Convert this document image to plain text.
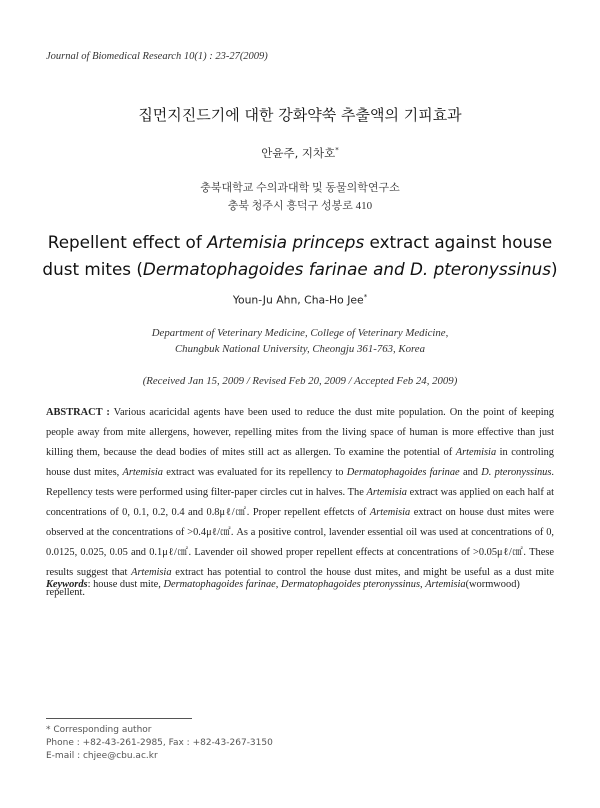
Journal of Biomedical Research 10(1) : 23-27(2009)
집먼지진드기에 대한 강화약쑥 추출액의 기피효과
안윤주, 지차호*
충북대학교 수의과대학 및 동물의학연구소
충북 청주시 흥덕구 성봉로 410
Repellent effect of Artemisia princeps extract against house dust mites (Dermatophagoides farinae and D. pteronyssinus)
Youn-Ju Ahn, Cha-Ho Jee*
Department of Veterinary Medicine, College of Veterinary Medicine,
Chungbuk National University, Cheongju 361-763, Korea
(Received Jan 15, 2009 / Revised Feb 20, 2009 / Accepted Feb 24, 2009)
ABSTRACT : Various acaricidal agents have been used to reduce the dust mite population. On the point of keeping people away from mite allergens, however, repelling mites from the living space of human is more effective than just killing them, because the dead bodies of mites still act as allergen. To examine the potential of Artemisia in controling house dust mites, Artemisia extract was evaluated for its repellency to Dermatophagoides farinae and D. pteronyssinus. Repellency tests were performed using filter-paper circles cut in halves. The Artemisia extract was applied on each half at concentrations of 0, 0.1, 0.2, 0.4 and 0.8μℓ/㎠. Proper repellent effetcts of Artemisia extract on house dust mites were observed at the concentrations of >0.4μℓ/㎠. As a positive control, lavender essential oil was used at concentrations of 0, 0.0125, 0.025, 0.05 and 0.1μℓ/㎠. Lavender oil showed proper repellent effects at concentrations of >0.05μℓ/㎠. These results suggest that Artemisia extract has potential to control the house dust mites, and might be useful as a dust mite repellent.
Keywords: house dust mite, Dermatophagoides farinae, Dermatophagoides pteronyssinus, Artemisia(wormwood)
* Corresponding author
Phone : +82-43-261-2985, Fax : +82-43-267-3150
E-mail : chjee@cbu.ac.kr
